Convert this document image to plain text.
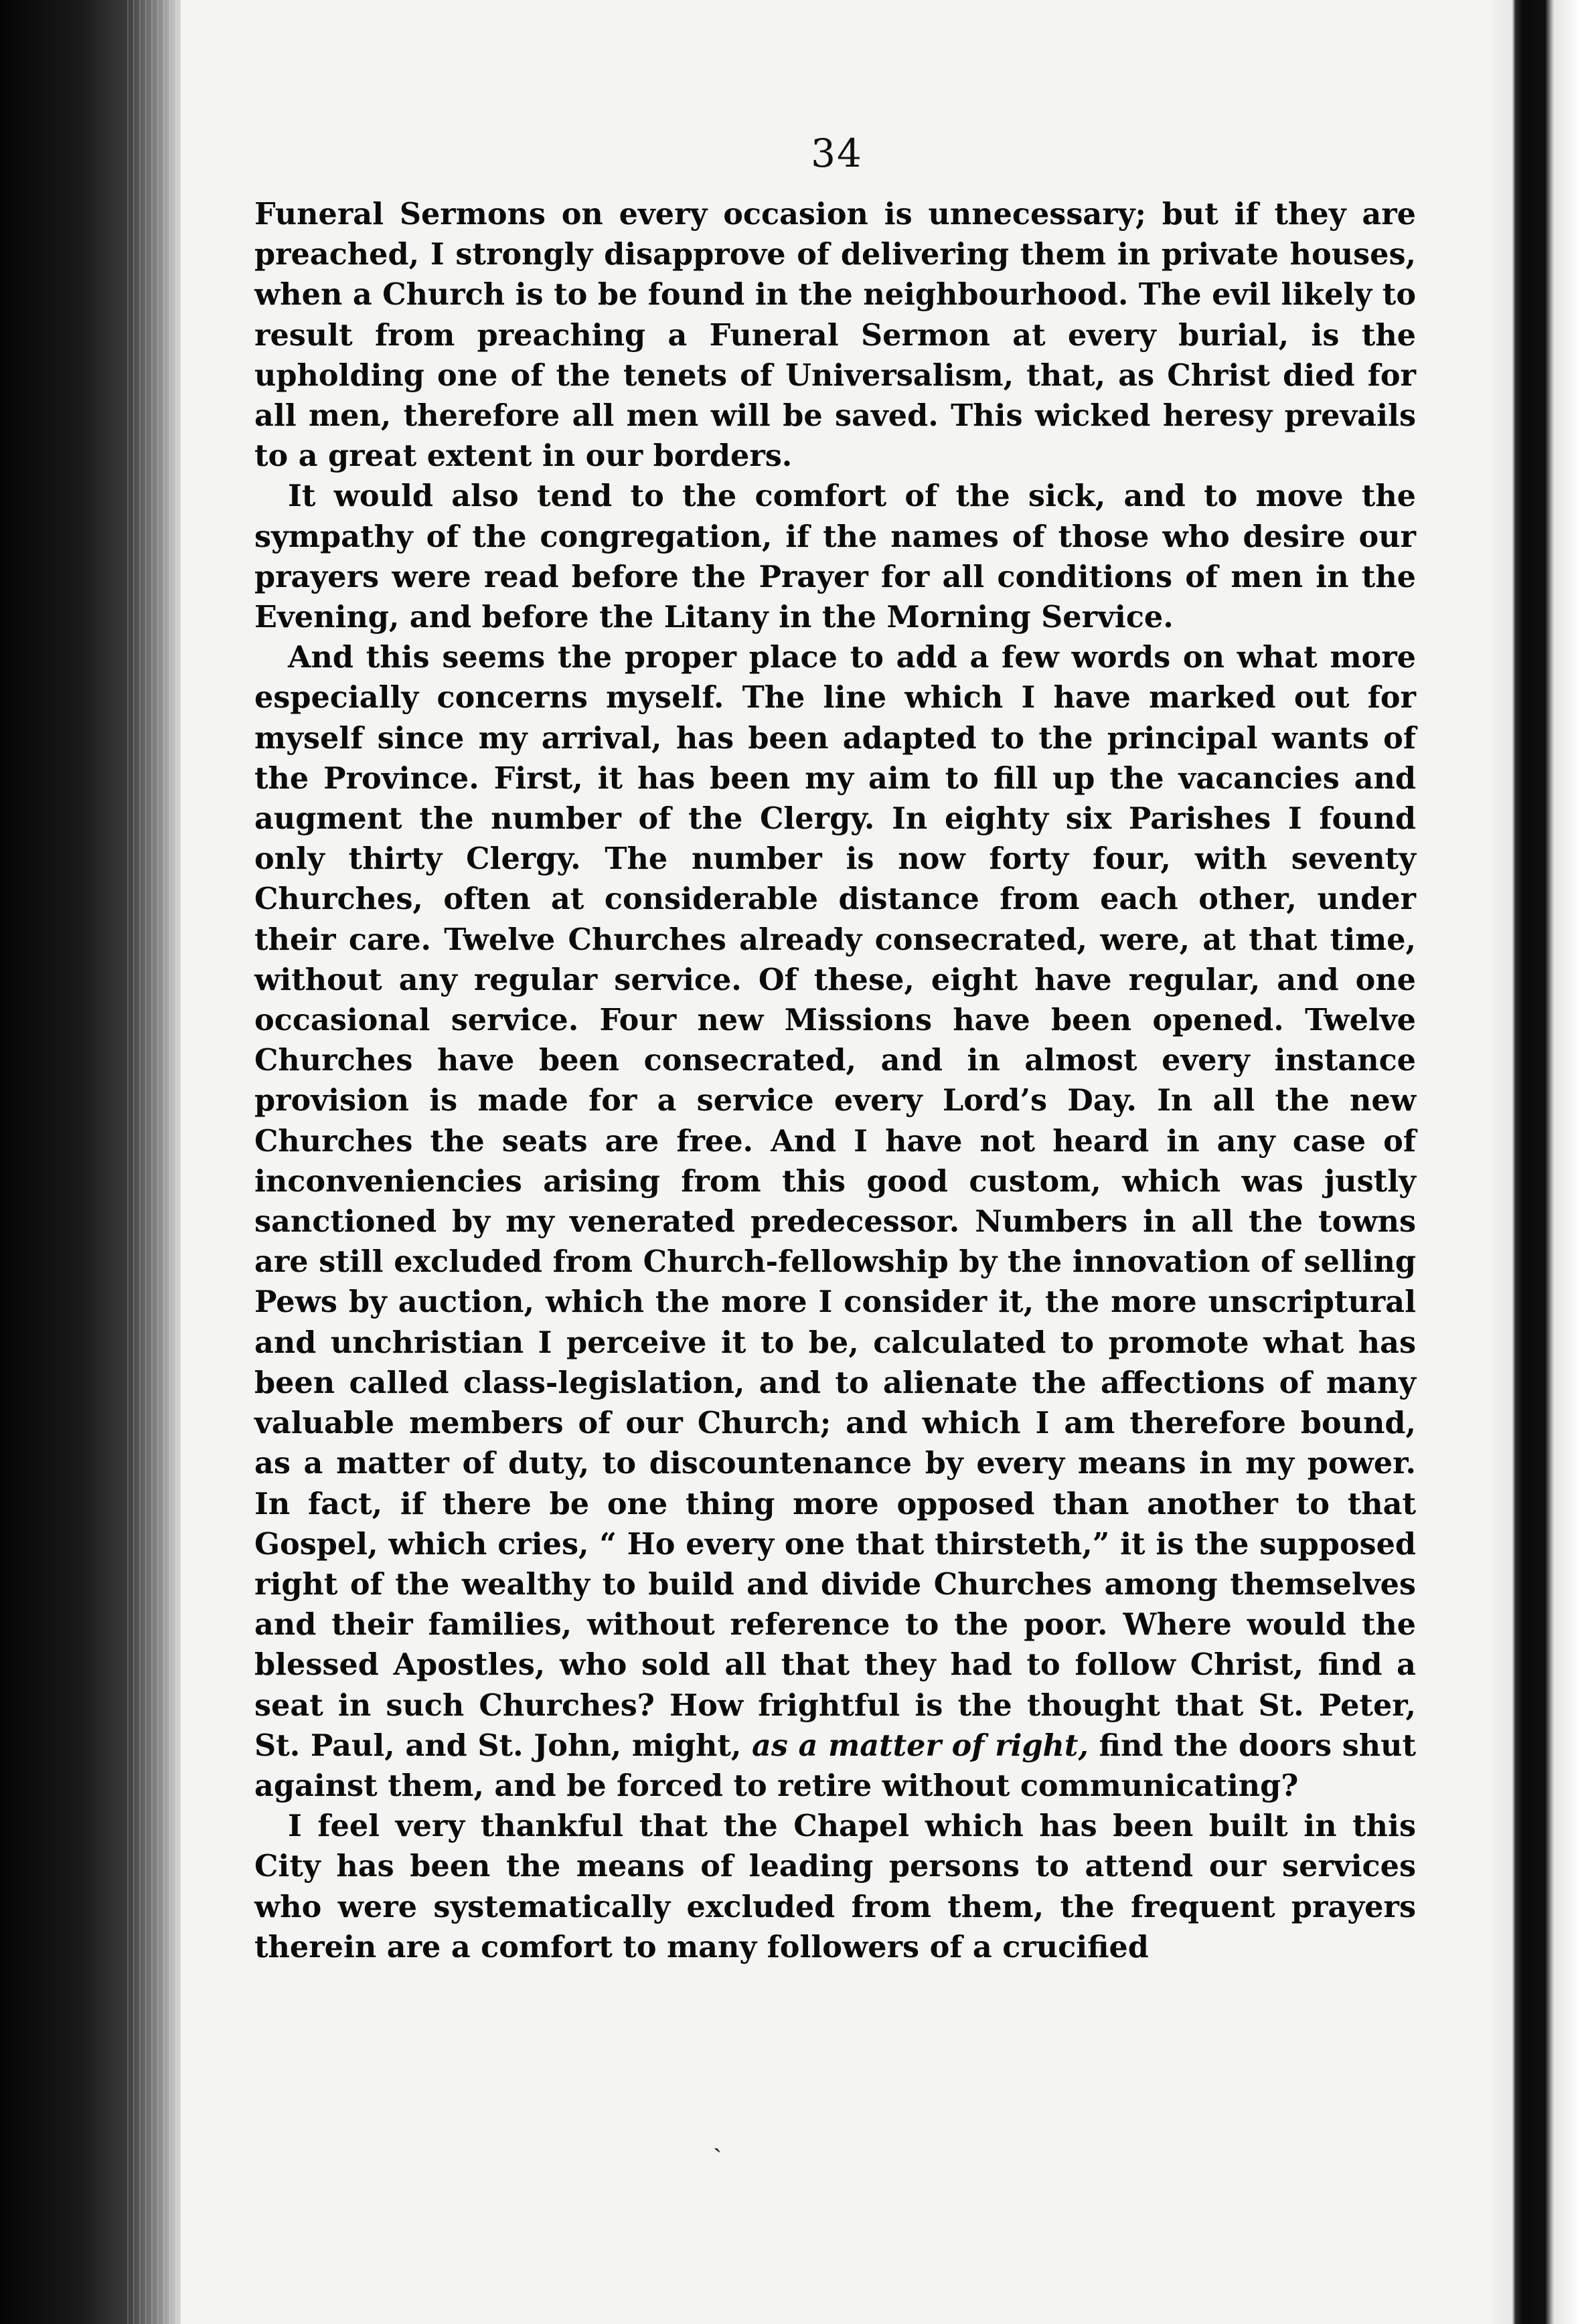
34

Funeral Sermons on every occasion is unnecessary; but if they are preached, I strongly disapprove of delivering them in private houses, when a Church is to be found in the neighbourhood. The evil likely to result from preaching a Funeral Sermon at every burial, is the upholding one of the tenets of Universalism, that, as Christ died for all men, therefore all men will be saved. This wicked heresy prevails to a great extent in our borders.

It would also tend to the comfort of the sick, and to move the sympathy of the congregation, if the names of those who desire our prayers were read before the Prayer for all conditions of men in the Evening, and before the Litany in the Morning Service.

And this seems the proper place to add a few words on what more especially concerns myself. The line which I have marked out for myself since my arrival, has been adapted to the principal wants of the Province. First, it has been my aim to fill up the vacancies and augment the number of the Clergy. In eighty six Parishes I found only thirty Clergy. The number is now forty four, with seventy Churches, often at considerable distance from each other, under their care. Twelve Churches already consecrated, were, at that time, without any regular service. Of these, eight have regular, and one occasional service. Four new Missions have been opened. Twelve Churches have been consecrated, and in almost every instance provision is made for a service every Lord’s Day. In all the new Churches the seats are free. And I have not heard in any case of inconveniencies arising from this good custom, which was justly sanctioned by my venerated predecessor. Numbers in all the towns are still excluded from Church-fellowship by the innovation of selling Pews by auction, which the more I consider it, the more unscriptural and unchristian I perceive it to be, calculated to promote what has been called class-legislation, and to alienate the affections of many valuable members of our Church; and which I am therefore bound, as a matter of duty, to discountenance by every means in my power. In fact, if there be one thing more opposed than another to that Gospel, which cries, “ Ho every one that thirsteth,” it is the supposed right of the wealthy to build and divide Churches among themselves and their families, without reference to the poor. Where would the blessed Apostles, who sold all that they had to follow Christ, find a seat in such Churches? How frightful is the thought that St. Peter, St. Paul, and St. John, might, as a matter of right, find the doors shut against them, and be forced to retire without communicating?

I feel very thankful that the Chapel which has been built in this City has been the means of leading persons to attend our services who were systematically excluded from them, the frequent prayers therein are a comfort to many followers of a crucified

ˏ
